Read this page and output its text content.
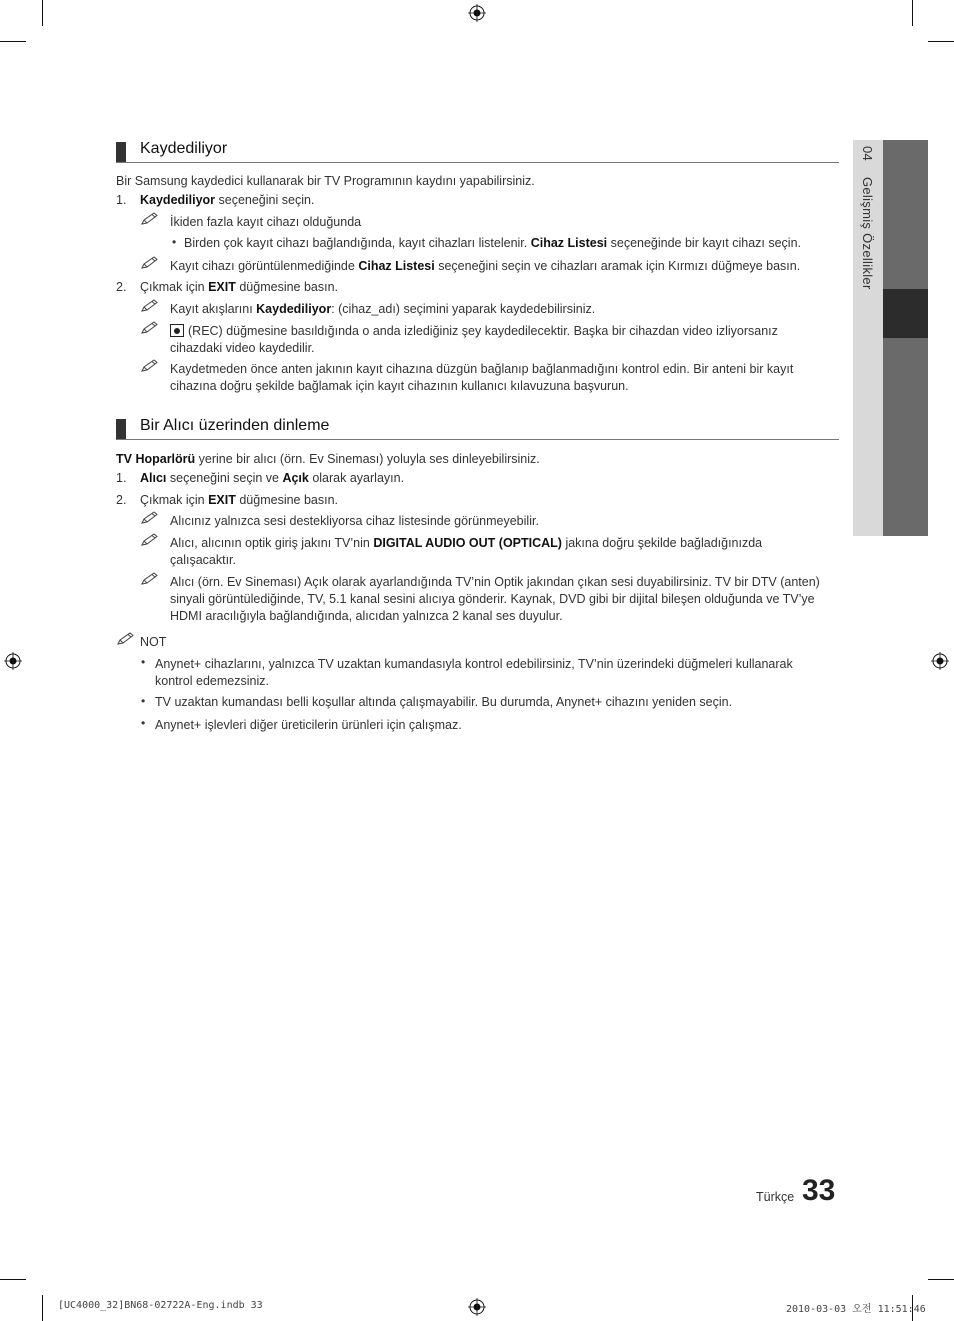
04 Gelişmiş Özellikler
Kaydediliyor
Bir Samsung kaydedici kullanarak bir TV Programının kaydını yapabilirsiniz.
1. Kaydediliyor seçeneğini seçin.
İkiden fazla kayıt cihazı olduğunda
• Birden çok kayıt cihazı bağlandığında, kayıt cihazları listelenir. Cihaz Listesi seçeneğinde bir kayıt cihazı seçin.
Kayıt cihazı görüntülenmediğinde Cihaz Listesi seçeneğini seçin ve cihazları aramak için Kırmızı düğmeye basın.
2. Çıkmak için EXIT düğmesine basın.
Kayıt akışlarını Kaydediliyor: (cihaz_adı) seçimini yaparak kaydedebilirsiniz.
(REC) düğmesine basıldığında o anda izlediğiniz şey kaydedilecektir. Başka bir cihazdan video izliyorsanız
cihazdaki video kaydedilir.
Kaydetmeden önce anten jakının kayıt cihazına düzgün bağlanıp bağlanmadığını kontrol edin. Bir anteni bir kayıt
cihazına doğru şekilde bağlamak için kayıt cihazının kullanıcı kılavuzuna başvurun.
Bir Alıcı üzerinden dinleme
TV Hoparlörü yerine bir alıcı (örn. Ev Sineması) yoluyla ses dinleyebilirsiniz.
1. Alıcı seçeneğini seçin ve Açık olarak ayarlayın.
2. Çıkmak için EXIT düğmesine basın.
Alıcınız yalnızca sesi destekliyorsa cihaz listesinde görünmeyebilir.
Alıcı, alıcının optik giriş jakını TV’nin DIGITAL AUDIO OUT (OPTICAL) jakına doğru şekilde bağladığınızda
çalışacaktır.
Alıcı (örn. Ev Sineması) Açık olarak ayarlandığında TV’nin Optik jakından çıkan sesi duyabilirsiniz. TV bir DTV (anten)
sinyali görüntülediğinde, TV, 5.1 kanal sesini alıcıya gönderir. Kaynak, DVD gibi bir dijital bileşen olduğunda ve TV’ye
HDMI aracılığıyla bağlandığında, alıcıdan yalnızca 2 kanal ses duyulur.
NOT
• Anynet+ cihazlarını, yalnızca TV uzaktan kumandasıyla kontrol edebilirsiniz, TV’nin üzerindeki düğmeleri kullanarak
kontrol edemezsiniz.
• TV uzaktan kumandası belli koşullar altında çalışmayabilir. Bu durumda, Anynet+ cihazını yeniden seçin.
• Anynet+ işlevleri diğer üreticilerin ürünleri için çalışmaz.
Türkçe 33
[UC4000_32]BN68-02722A-Eng.indb 33	2010-03-03 오전 11:51:46
